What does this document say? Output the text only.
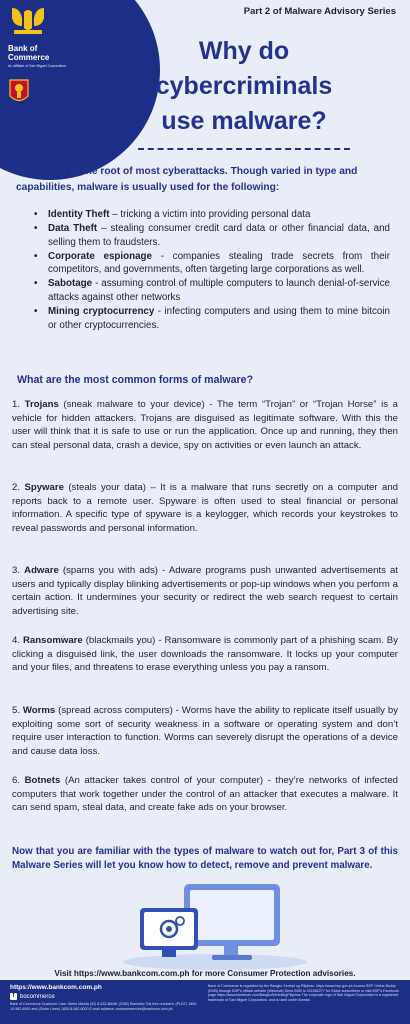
Bank of
Commerce
An affiliate of San Miguel Corporation
Part 2 of Malware Advisory Series
Why do
cybercriminals
use malware?
Malware is at the root of most cyberattacks. Though varied in type and capabilities, malware is usually used for the following:
• Identity Theft – tricking a victim into providing personal data
• Data Theft – stealing consumer credit card data or other financial data, and selling them to fraudsters.
• Corporate espionage - companies stealing trade secrets from their competitors, and governments, often targeting large corporations as well.
• Sabotage - assuming control of multiple computers to launch denial-of-service attacks against other networks
• Mining cryptocurrency - infecting computers and using them to mine bitcoin or other cryptocurrencies.
What are the most common forms of malware?

1. Trojans (sneak malware to your device) - The term “Trojan” or “Trojan Horse” is a vehicle for hidden attackers. Trojans are disguised as legitimate software. With this the user will think that it is safe to use or run the application. Once up and running, they then can steal personal data, crash a device, spy on activities or even launch an attack.

2. Spyware (steals your data) – It is a malware that runs secretly on a computer and reports back to a remote user. Spyware is often used to steal financial or personal information. A specific type of spyware is a keylogger, which records your keystrokes to reveal passwords and personal information.

3. Adware (spams you with ads) - Adware programs push unwanted advertisements at users and typically display blinking advertisements or pop-up windows when you perform a certain action. It undermines your security or redirect the web search request to certain advertising site.

4. Ransomware (blackmails you) - Ransomware is commonly part of a phishing scam. By clicking a disguised link, the user downloads the ransomware. It locks up your computer and your files, and threatens to erase everything unless you pay a ransom.

5. Worms (spread across computers) - Worms have the ability to replicate itself usually by exploiting some sort of security weakness in a software or operating system and don’t require user interaction to function. Worms can severely disrupt the operations of a device and cause data loss.

6. Botnets (An attacker takes control of your computer) - they’re networks of infected computers that work together under the control of an attacker that executes a malware. It can send spam, steal data, and create fake ads on your browser.

Now that you are familiar with the types of malware to watch out for, Part 3 of this Malware Series will let you know how to detect, remove and prevent malware.
Visit https://www.bankcom.com.ph for more Consumer Protection advisories.
https://www.bankcom.com.ph
f bocommerce
Bank of Commerce Customer Care: Metro Manila (02) 8-632-BANK (2265) Domestic Toll-free numbers: (PLDT) 1800-10-982-6000 and (Globe Lines) 1800-8-982-6000 E-mail address: customerservice@bankcom.com.ph
Bank of Commerce is regulated by the Bangko Sentral ng Pilipinas. https://www.bsp.gov.ph Access BSP Online Buddy (BOB) through BSP's official website (Webchat) Send SMS to 021582277 for Globe subscribers or visit BSP's Facebook page https://www.facebook.com/BangkoSentralngPilipinas The corporate logo of San Miguel Corporation is a registered trademark of San Miguel Corporation, and is used under license.
